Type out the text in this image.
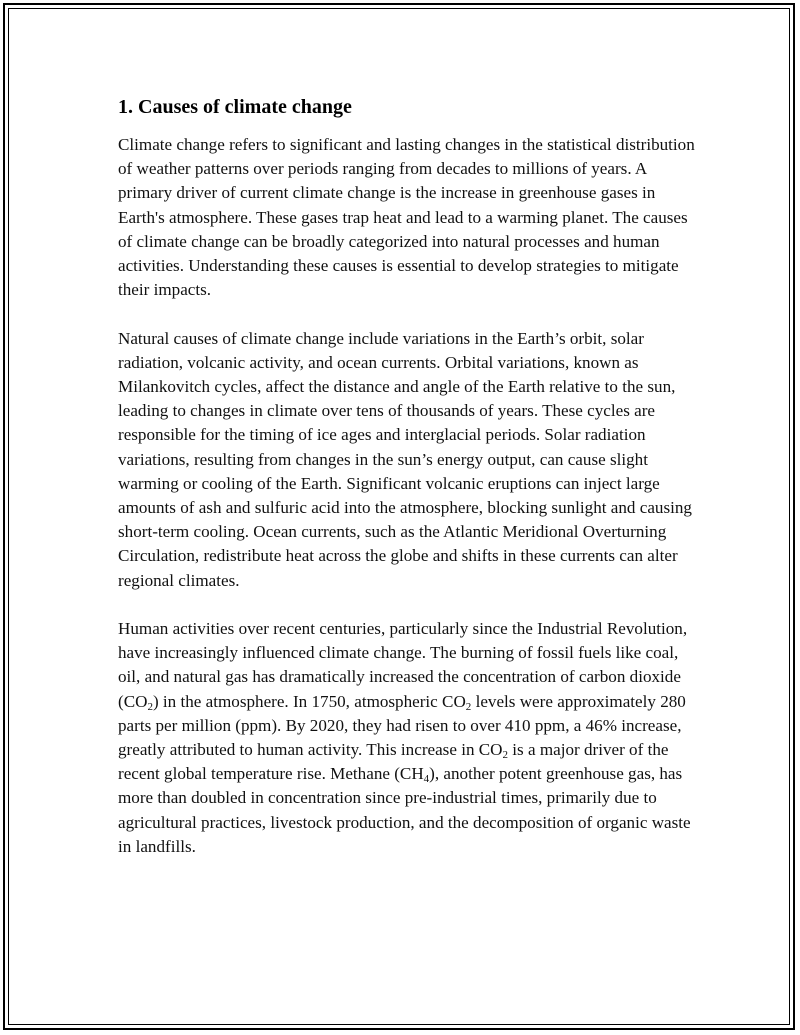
1. Causes of climate change

Climate change refers to significant and lasting changes in the statistical distribution of weather patterns over periods ranging from decades to millions of years. A primary driver of current climate change is the increase in greenhouse gases in Earth's atmosphere. These gases trap heat and lead to a warming planet. The causes of climate change can be broadly categorized into natural processes and human activities. Understanding these causes is essential to develop strategies to mitigate their impacts.

Natural causes of climate change include variations in the Earth’s orbit, solar radiation, volcanic activity, and ocean currents. Orbital variations, known as Milankovitch cycles, affect the distance and angle of the Earth relative to the sun, leading to changes in climate over tens of thousands of years. These cycles are responsible for the timing of ice ages and interglacial periods. Solar radiation variations, resulting from changes in the sun’s energy output, can cause slight warming or cooling of the Earth. Significant volcanic eruptions can inject large amounts of ash and sulfuric acid into the atmosphere, blocking sunlight and causing short-term cooling. Ocean currents, such as the Atlantic Meridional Overturning Circulation, redistribute heat across the globe and shifts in these currents can alter regional climates.

Human activities over recent centuries, particularly since the Industrial Revolution, have increasingly influenced climate change. The burning of fossil fuels like coal, oil, and natural gas has dramatically increased the concentration of carbon dioxide $(CO_2)$ in the atmosphere. In 1750, atmospheric $CO_2$ levels were approximately 280 parts per million (ppm). By 2020, they had risen to over 410 ppm, a 46% increase, greatly attributed to human activity. This increase in $CO_2$ is a major driver of the recent global temperature rise. Methane $(CH_4)$, another potent greenhouse gas, has more than doubled in concentration since pre-industrial times, primarily due to agricultural practices, livestock production, and the decomposition of organic waste in landfills.
